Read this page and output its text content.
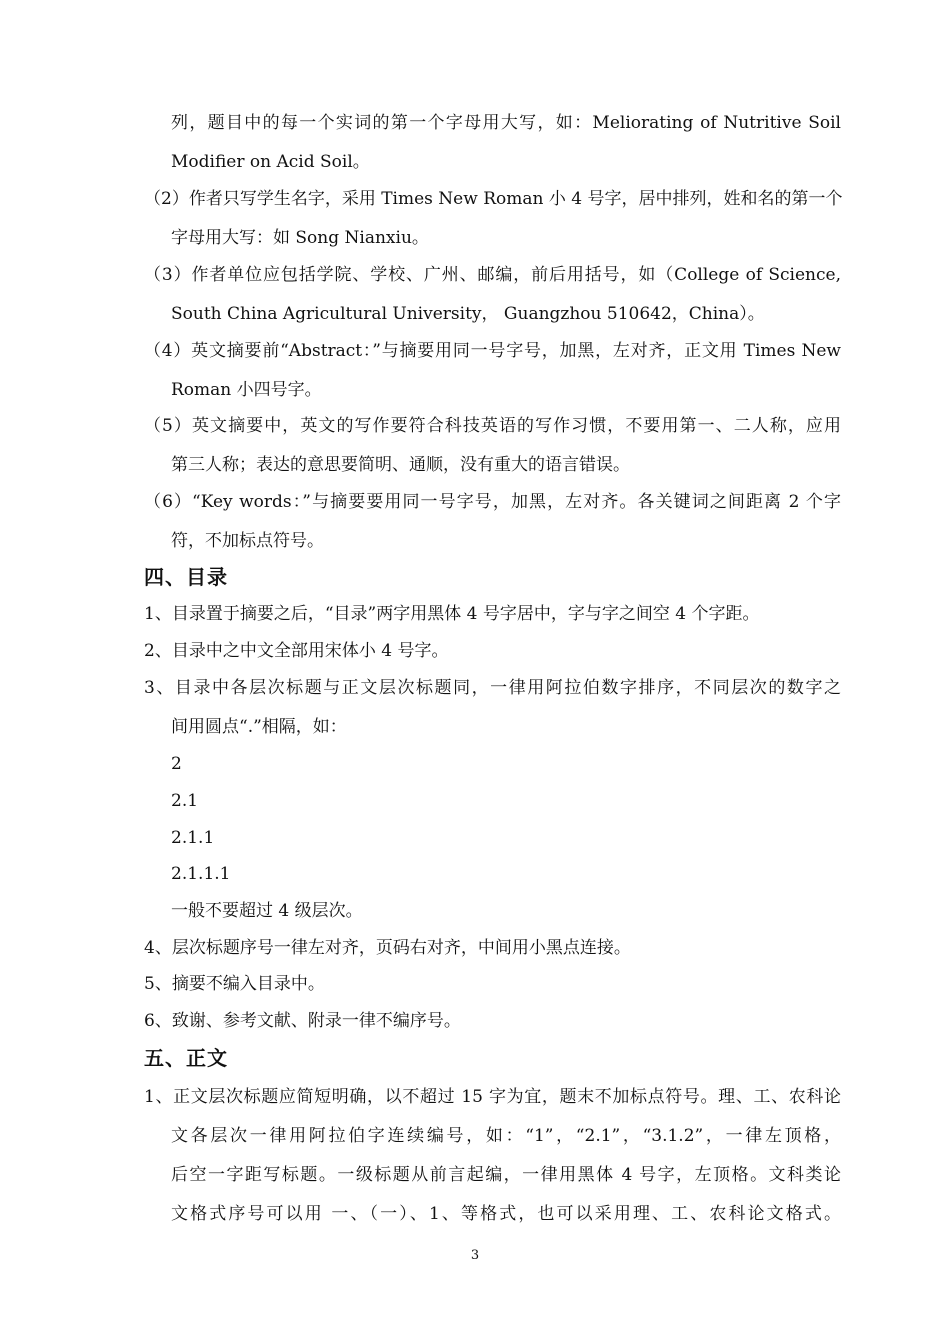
列，题目中的每一个实词的第一个字母用大写，如：Meliorating of Nutritive Soil
Modifier on Acid Soil。
（2）作者只写学生名字，采用 Times New Roman 小 4 号字，居中排列，姓和名的第一个
字母用大写：如 Song Nianxiu。
（3）作者单位应包括学院、学校、广州、邮编，前后用括号，如（College of Science,
South China Agricultural University， Guangzhou 510642，China）。
（4）英文摘要前“Abstract：”与摘要用同一号字号，加黑，左对齐，正文用 Times New
Roman 小四号字。
（5）英文摘要中，英文的写作要符合科技英语的写作习惯，不要用第一、二人称，应用
第三人称；表达的意思要简明、通顺，没有重大的语言错误。
（6）“Key words：”与摘要要用同一号字号，加黑，左对齐。各关键词之间距离 2 个字
符，不加标点符号。
四、目录
1、目录置于摘要之后，“目录”两字用黑体 4 号字居中，字与字之间空 4 个字距。
2、目录中之中文全部用宋体小 4 号字。
3、目录中各层次标题与正文层次标题同，一律用阿拉伯数字排序，不同层次的数字之
间用圆点“.”相隔，如：
2
2.1
2.1.1
2.1.1.1
一般不要超过 4 级层次。
4、层次标题序号一律左对齐，页码右对齐，中间用小黑点连接。
5、摘要不编入目录中。
6、致谢、参考文献、附录一律不编序号。
五、正文
1、正文层次标题应简短明确，以不超过 15 字为宜，题末不加标点符号。理、工、农科论
文各层次一律用阿拉伯字连续编号，如：“1”，“2.1”，“3.1.2”，一律左顶格，
后空一字距写标题。一级标题从前言起编，一律用黑体 4 号字，左顶格。文科类论
文格式序号可以用 一、（一）、1、等格式，也可以采用理、工、农科论文格式。
3
